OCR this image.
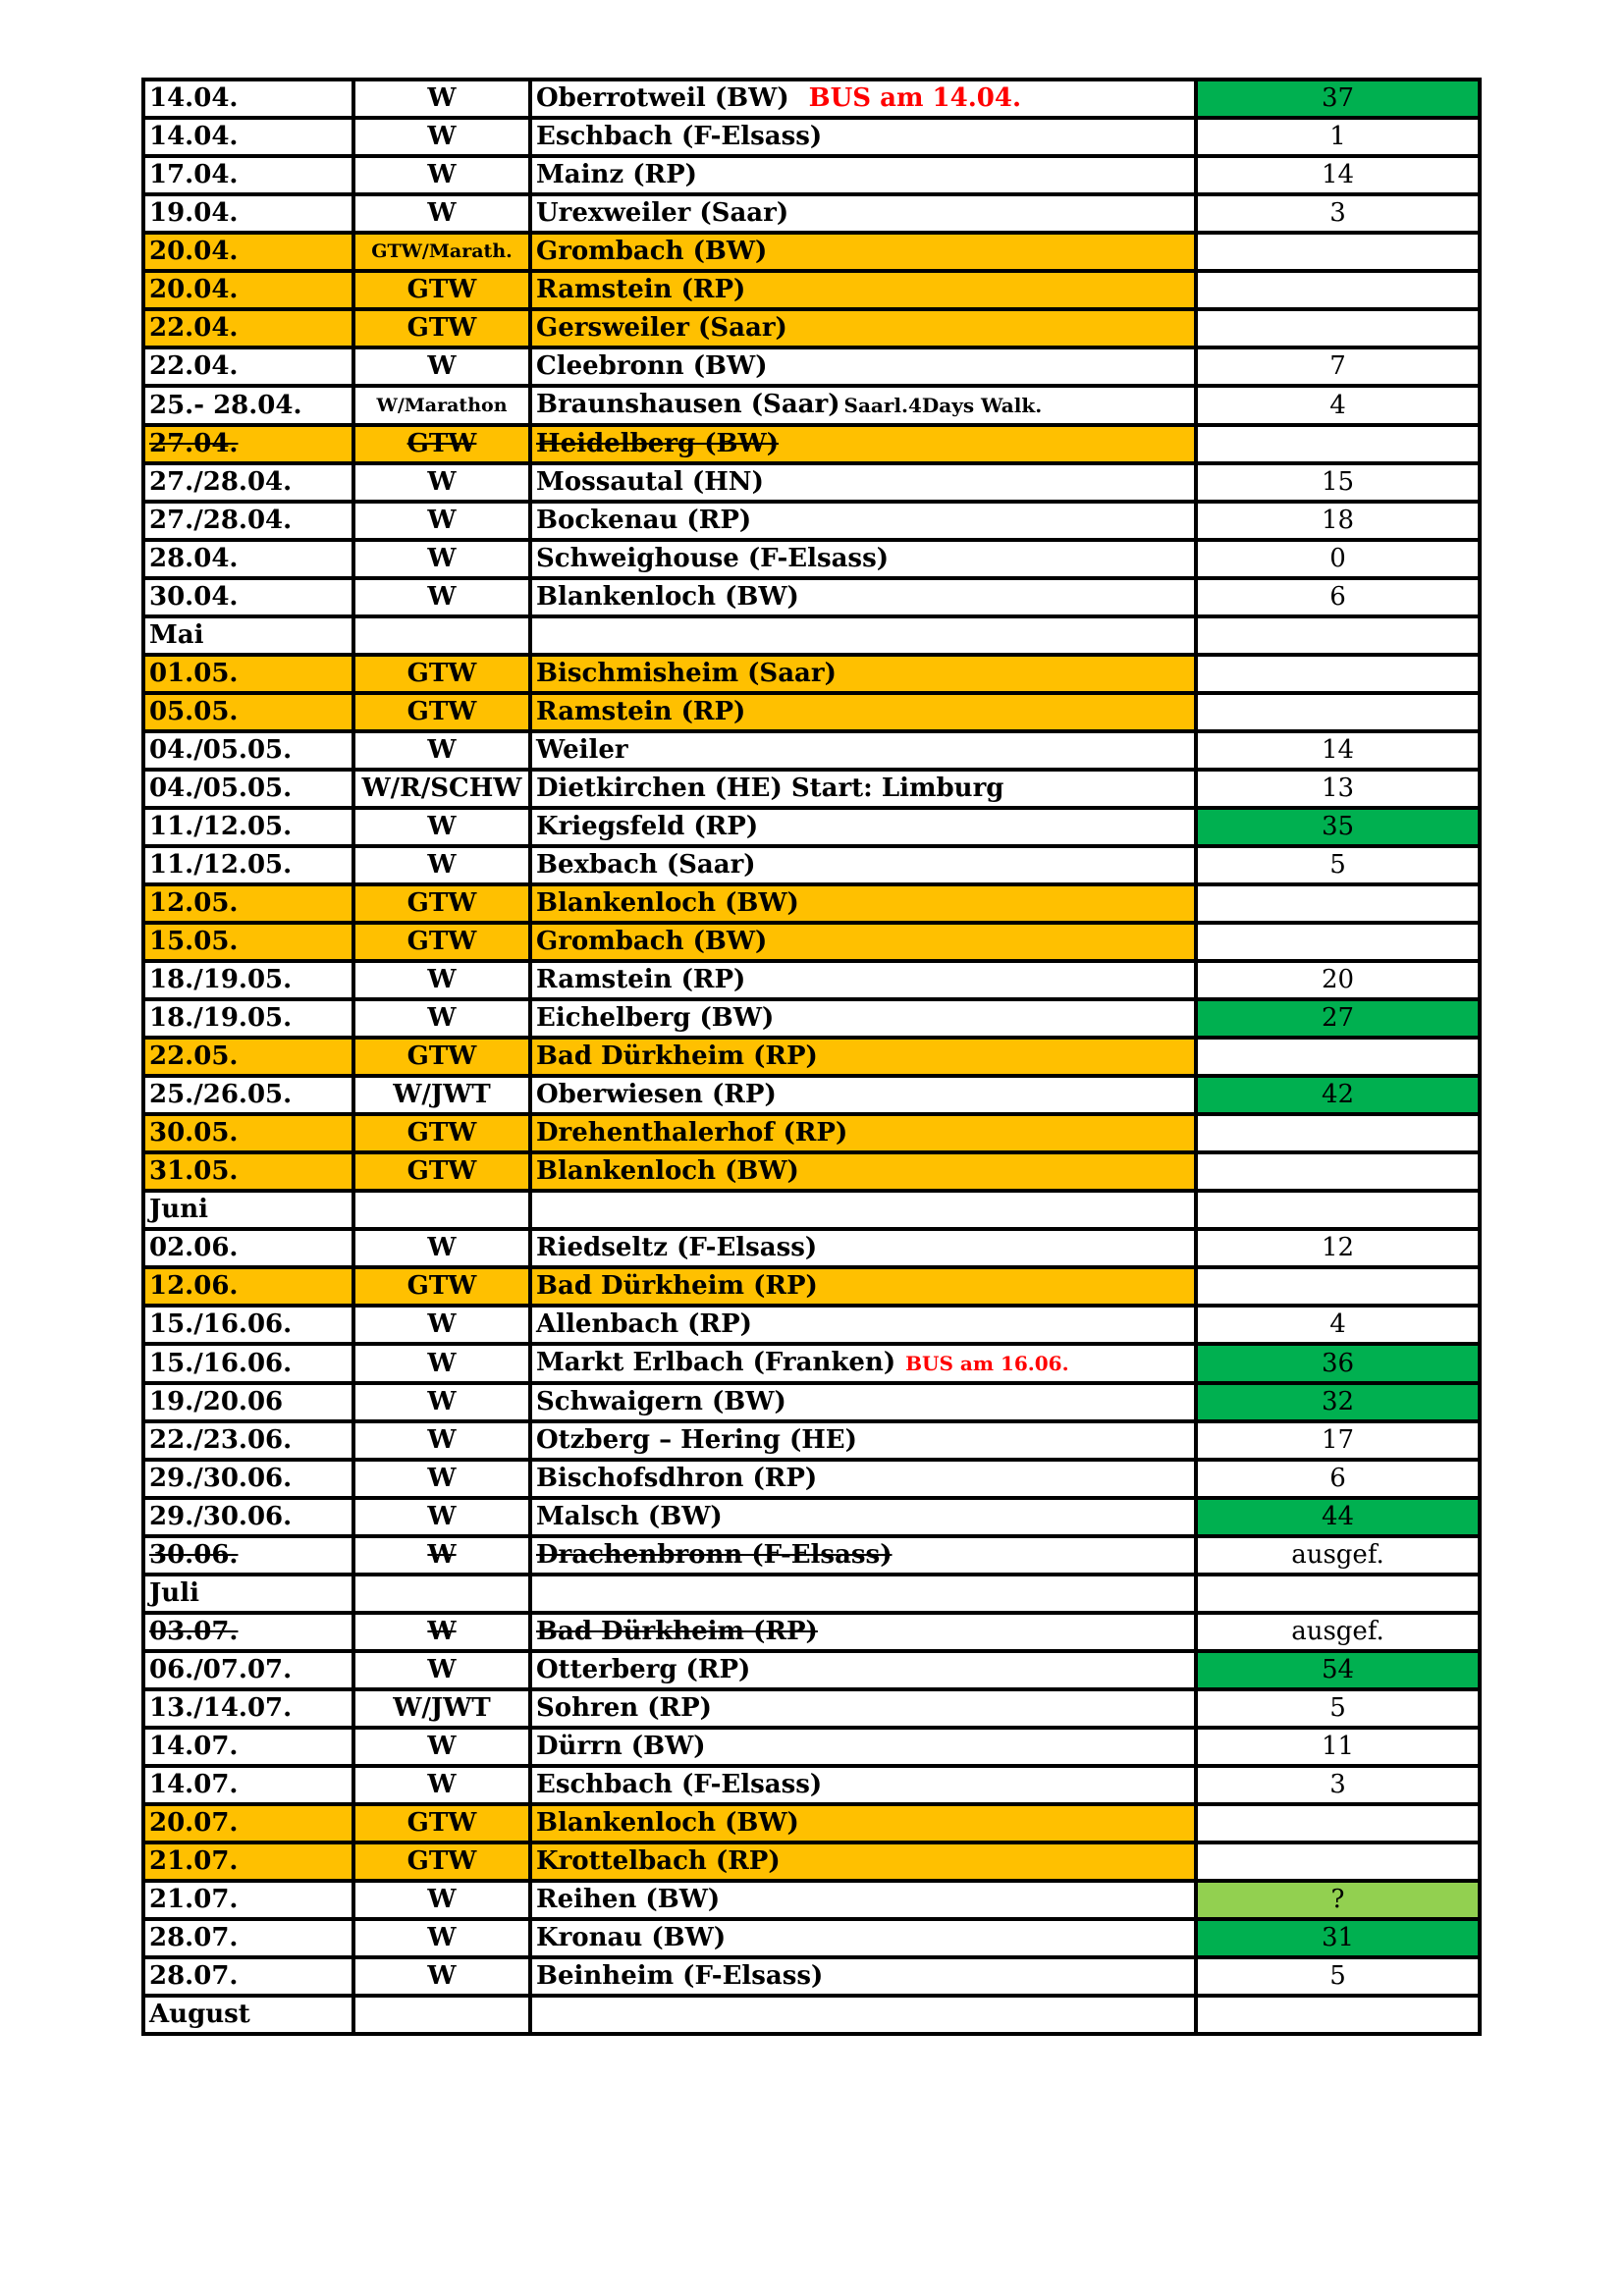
14.04.	W	Oberrotweil (BW) BUS am 14.04.	37
14.04.	W	Eschbach (F-Elsass)	1
17.04.	W	Mainz (RP)	14
19.04.	W	Urexweiler (Saar)	3
20.04.	GTW/Marath.	Grombach (BW)	
20.04.	GTW	Ramstein (RP)	
22.04.	GTW	Gersweiler (Saar)	
22.04.	W	Cleebronn (BW)	7
25.- 28.04.	W/Marathon	Braunshausen (Saar) Saarl.4Days Walk.	4
27.04.	GTW	Heidelberg (BW)	
27./28.04.	W	Mossautal (HN)	15
27./28.04.	W	Bockenau (RP)	18
28.04.	W	Schweighouse (F-Elsass)	0
30.04.	W	Blankenloch (BW)	6
Mai			
01.05.	GTW	Bischmisheim (Saar)	
05.05.	GTW	Ramstein (RP)	
04./05.05.	W	Weiler	14
04./05.05.	W/R/SCHW	Dietkirchen (HE) Start: Limburg	13
11./12.05.	W	Kriegsfeld (RP)	35
11./12.05.	W	Bexbach (Saar)	5
12.05.	GTW	Blankenloch (BW)	
15.05.	GTW	Grombach (BW)	
18./19.05.	W	Ramstein (RP)	20
18./19.05.	W	Eichelberg (BW)	27
22.05.	GTW	Bad Dürkheim (RP)	
25./26.05.	W/JWT	Oberwiesen (RP)	42
30.05.	GTW	Drehenthalerhof (RP)	
31.05.	GTW	Blankenloch (BW)	
Juni			
02.06.	W	Riedseltz (F-Elsass)	12
12.06.	GTW	Bad Dürkheim (RP)	
15./16.06.	W	Allenbach (RP)	4
15./16.06.	W	Markt Erlbach (Franken) BUS am 16.06.	36
19./20.06	W	Schwaigern (BW)	32
22./23.06.	W	Otzberg – Hering (HE)	17
29./30.06.	W	Bischofsdhron (RP)	6
29./30.06.	W	Malsch (BW)	44
30.06.	W	Drachenbronn (F-Elsass)	ausgef.
Juli			
03.07.	W	Bad Dürkheim (RP)	ausgef.
06./07.07.	W	Otterberg (RP)	54
13./14.07.	W/JWT	Sohren (RP)	5
14.07.	W	Dürrn (BW)	11
14.07.	W	Eschbach (F-Elsass)	3
20.07.	GTW	Blankenloch (BW)	
21.07.	GTW	Krottelbach (RP)	
21.07.	W	Reihen (BW)	?
28.07.	W	Kronau (BW)	31
28.07.	W	Beinheim (F-Elsass)	5
August			
